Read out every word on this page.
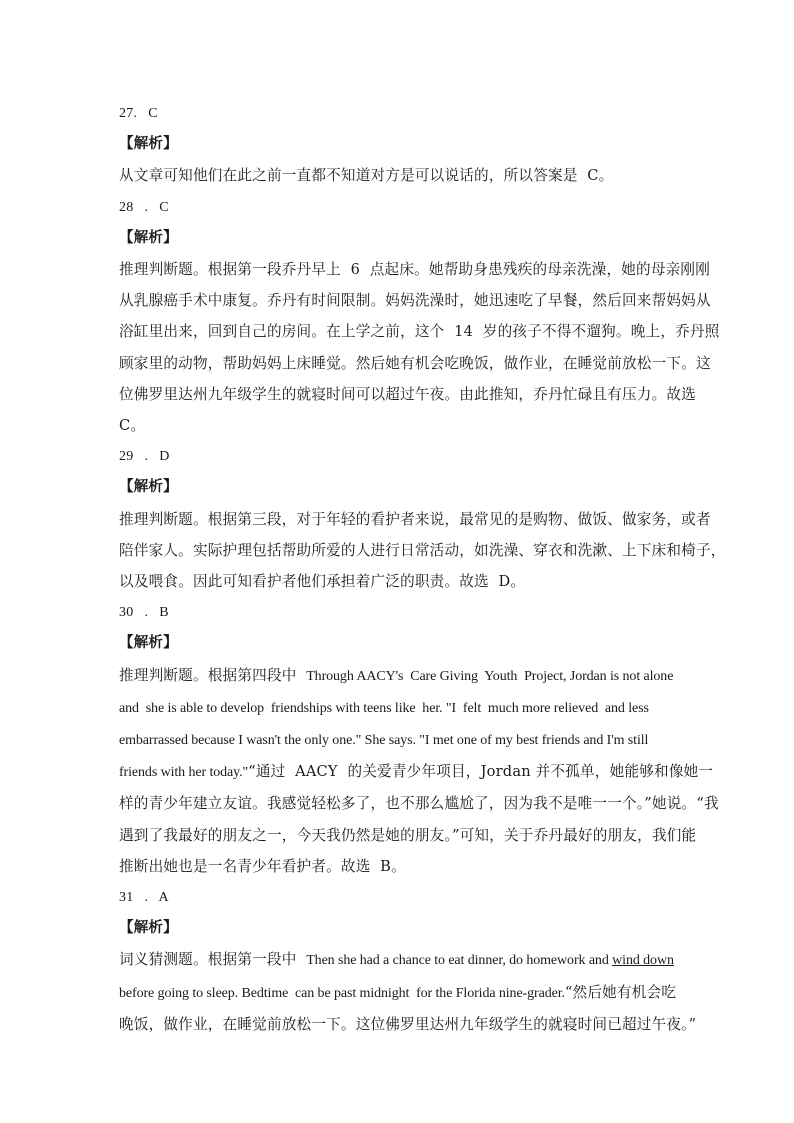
27.   C
【解析】
从文章可知他们在此之前一直都不知道对方是可以说话的，所以答案是  C。
28   .   C
【解析】
推理判断题。根据第一段乔丹早上  6  点起床。她帮助身患残疾的母亲洗澡，她的母亲刚刚
从乳腺癌手术中康复。乔丹有时间限制。妈妈洗澡时，她迅速吃了早餐，然后回来帮妈妈从
浴缸里出来，回到自己的房间。在上学之前，这个  14  岁的孩子不得不遛狗。晚上，乔丹照
顾家里的动物，帮助妈妈上床睡觉。然后她有机会吃晚饭，做作业，在睡觉前放松一下。这
位佛罗里达州九年级学生的就寝时间可以超过午夜。由此推知，乔丹忙碌且有压力。故选
C。
29   .   D
【解析】
推理判断题。根据第三段，对于年轻的看护者来说，最常见的是购物、做饭、做家务，或者
陪伴家人。实际护理包括帮助所爱的人进行日常活动，如洗澡、穿衣和洗漱、上下床和椅子，
以及喂食。因此可知看护者他们承担着广泛的职责。故选  D。
30   .   B
【解析】
推理判断题。根据第四段中  Through AACY's  Care Giving  Youth  Project, Jordan is not alone
and  she is able to develop  friendships with teens like  her. "I  felt  much more relieved  and less
embarrassed because I wasn't the only one." She says. "I met one of my best friends and I'm still
friends with her today."“通过  AACY  的关爱青少年项目，Jordan 并不孤单，她能够和像她一
样的青少年建立友谊。我感觉轻松多了，也不那么尴尬了，因为我不是唯一一个。”她说。“我
遇到了我最好的朋友之一，今天我仍然是她的朋友。”可知，关于乔丹最好的朋友，我们能
推断出她也是一名青少年看护者。故选  B。
31   .   A
【解析】
词义猜测题。根据第一段中  Then she had a chance to eat dinner, do homework and wind down
before going to sleep. Bedtime  can be past midnight  for the Florida nine-grader.“然后她有机会吃
晚饭，做作业，在睡觉前放松一下。这位佛罗里达州九年级学生的就寝时间已超过午夜。”
